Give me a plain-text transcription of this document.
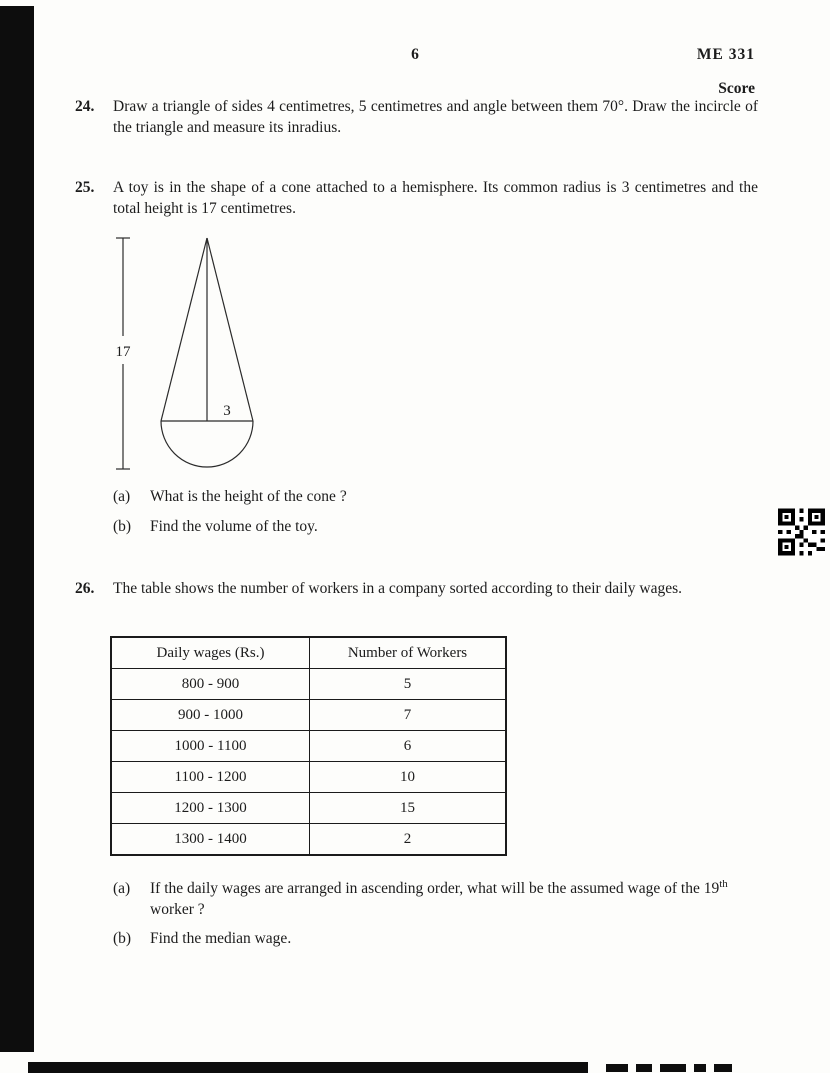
6	ME 331
Score
24.	Draw a triangle of sides 4 centimetres, 5 centimetres and angle between them 70°. Draw the incircle of the triangle and measure its inradius.
25.	A toy is in the shape of a cone attached to a hemisphere. Its common radius is 3 centimetres and the total height is 17 centimetres.
17
3
(a)	What is the height of the cone ?
(b)	Find the volume of the toy.
26.	The table shows the number of workers in a company sorted according to their daily wages.
Daily wages (Rs.)	Number of Workers
800 - 900	5
900 - 1000	7
1000 - 1100	6
1100 - 1200	10
1200 - 1300	15
1300 - 1400	2
(a)	If the daily wages are arranged in ascending order, what will be the assumed wage of the 19th worker ?
(b)	Find the median wage.
